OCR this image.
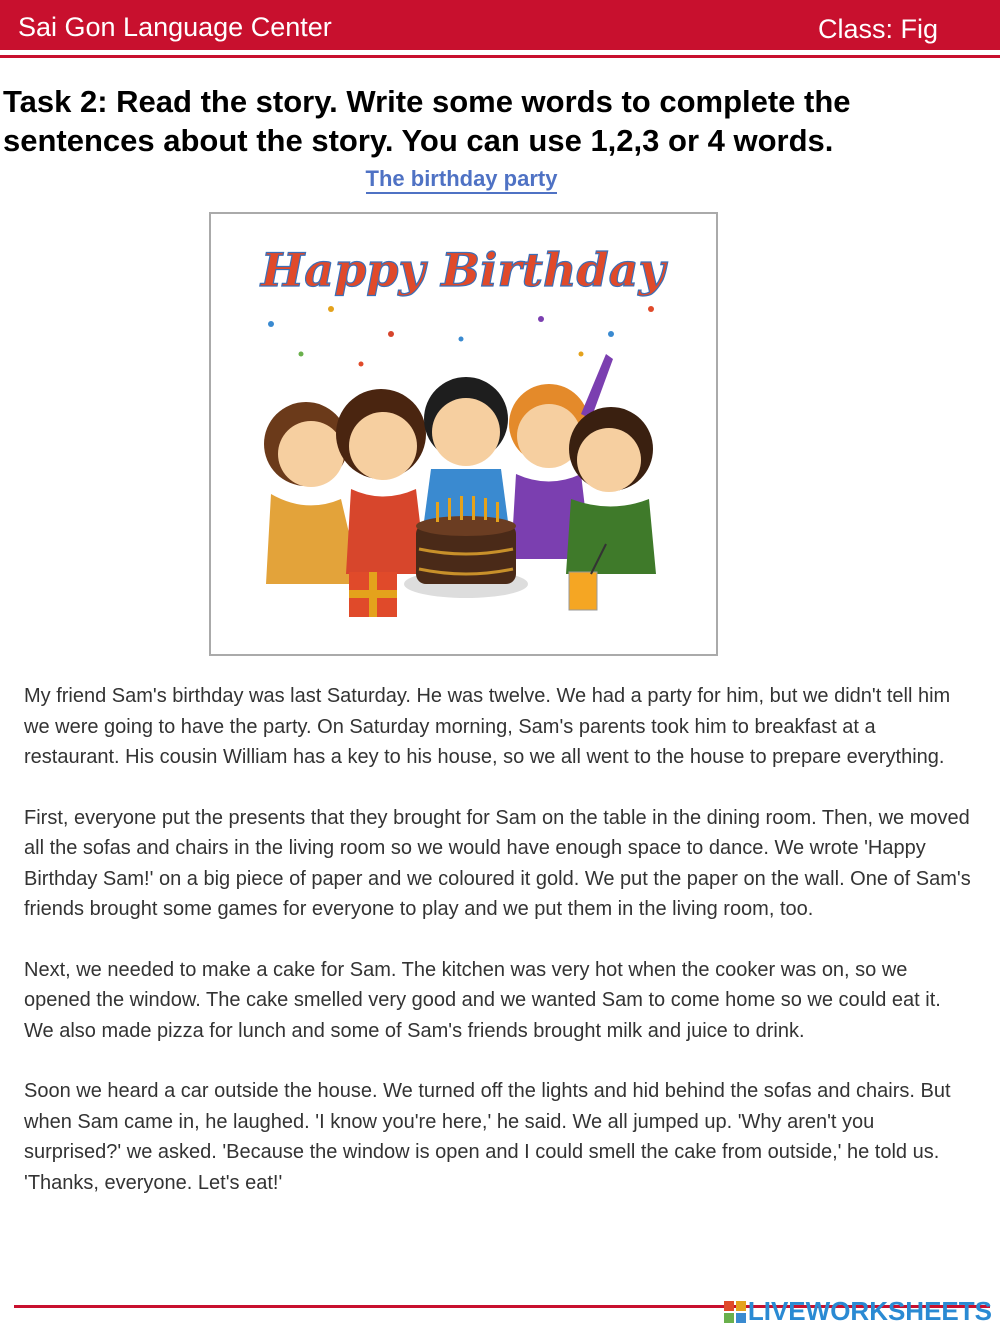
Sai Gon Language Center	Class: Fig
Task 2: Read the story. Write some words to complete the sentences about the story. You can use 1,2,3 or 4 words.
The birthday party
Happy Birthday

My friend Sam's birthday was last Saturday. He was twelve. We had a party for him, but we didn't tell him we were going to have the party. On Saturday morning, Sam's parents took him to breakfast at a restaurant. His cousin William has a key to his house, so we all went to the house to prepare everything.

First, everyone put the presents that they brought for Sam on the table in the dining room. Then, we moved all the sofas and chairs in the living room so we would have enough space to dance. We wrote 'Happy Birthday Sam!' on a big piece of paper and we coloured it gold. We put the paper on the wall. One of Sam's friends brought some games for everyone to play and we put them in the living room, too.

Next, we needed to make a cake for Sam. The kitchen was very hot when the cooker was on, so we opened the window. The cake smelled very good and we wanted Sam to come home so we could eat it. We also made pizza for lunch and some of Sam's friends brought milk and juice to drink.

Soon we heard a car outside the house. We turned off the lights and hid behind the sofas and chairs. But when Sam came in, he laughed. 'I know you're here,' he said. We all jumped up. 'Why aren't you surprised?' we asked. 'Because the window is open and I could smell the cake from outside,' he told us. 'Thanks, everyone. Let's eat!'

LIVEWORKSHEETS
